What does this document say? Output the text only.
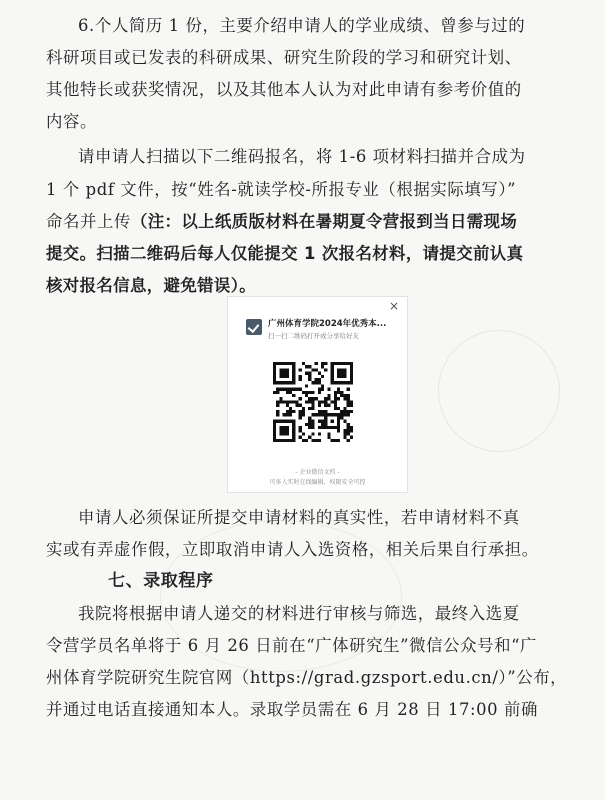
6.个人简历 1 份，主要介绍申请人的学业成绩、曾参与过的
科研项目或已发表的科研成果、研究生阶段的学习和研究计划、
其他特长或获奖情况，以及其他本人认为对此申请有参考价值的
内容。
请申请人扫描以下二维码报名，将 1-6 项材料扫描并合成为
1 个 pdf 文件，按“姓名-就读学校-所报专业（根据实际填写）”
命名并上传（注：以上纸质版材料在暑期夏令营报到当日需现场
提交。扫描二维码后每人仅能提交 1 次报名材料，请提交前认真
核对报名信息，避免错误）。
×
广州体育学院2024年优秀本...
扫一扫二维码打开或分享给好友
- 企业微信文档 -
可多人实时在线编辑，权限安全可控
申请人必须保证所提交申请材料的真实性，若申请材料不真
实或有弄虚作假，立即取消申请人入选资格，相关后果自行承担。
七、录取程序
我院将根据申请人递交的材料进行审核与筛选，最终入选夏
令营学员名单将于 6 月 26 日前在“广体研究生”微信公众号和“广
州体育学院研究生院官网（https://grad.gzsport.edu.cn/）”公布，
并通过电话直接通知本人。录取学员需在 6 月 28 日 17:00 前确
